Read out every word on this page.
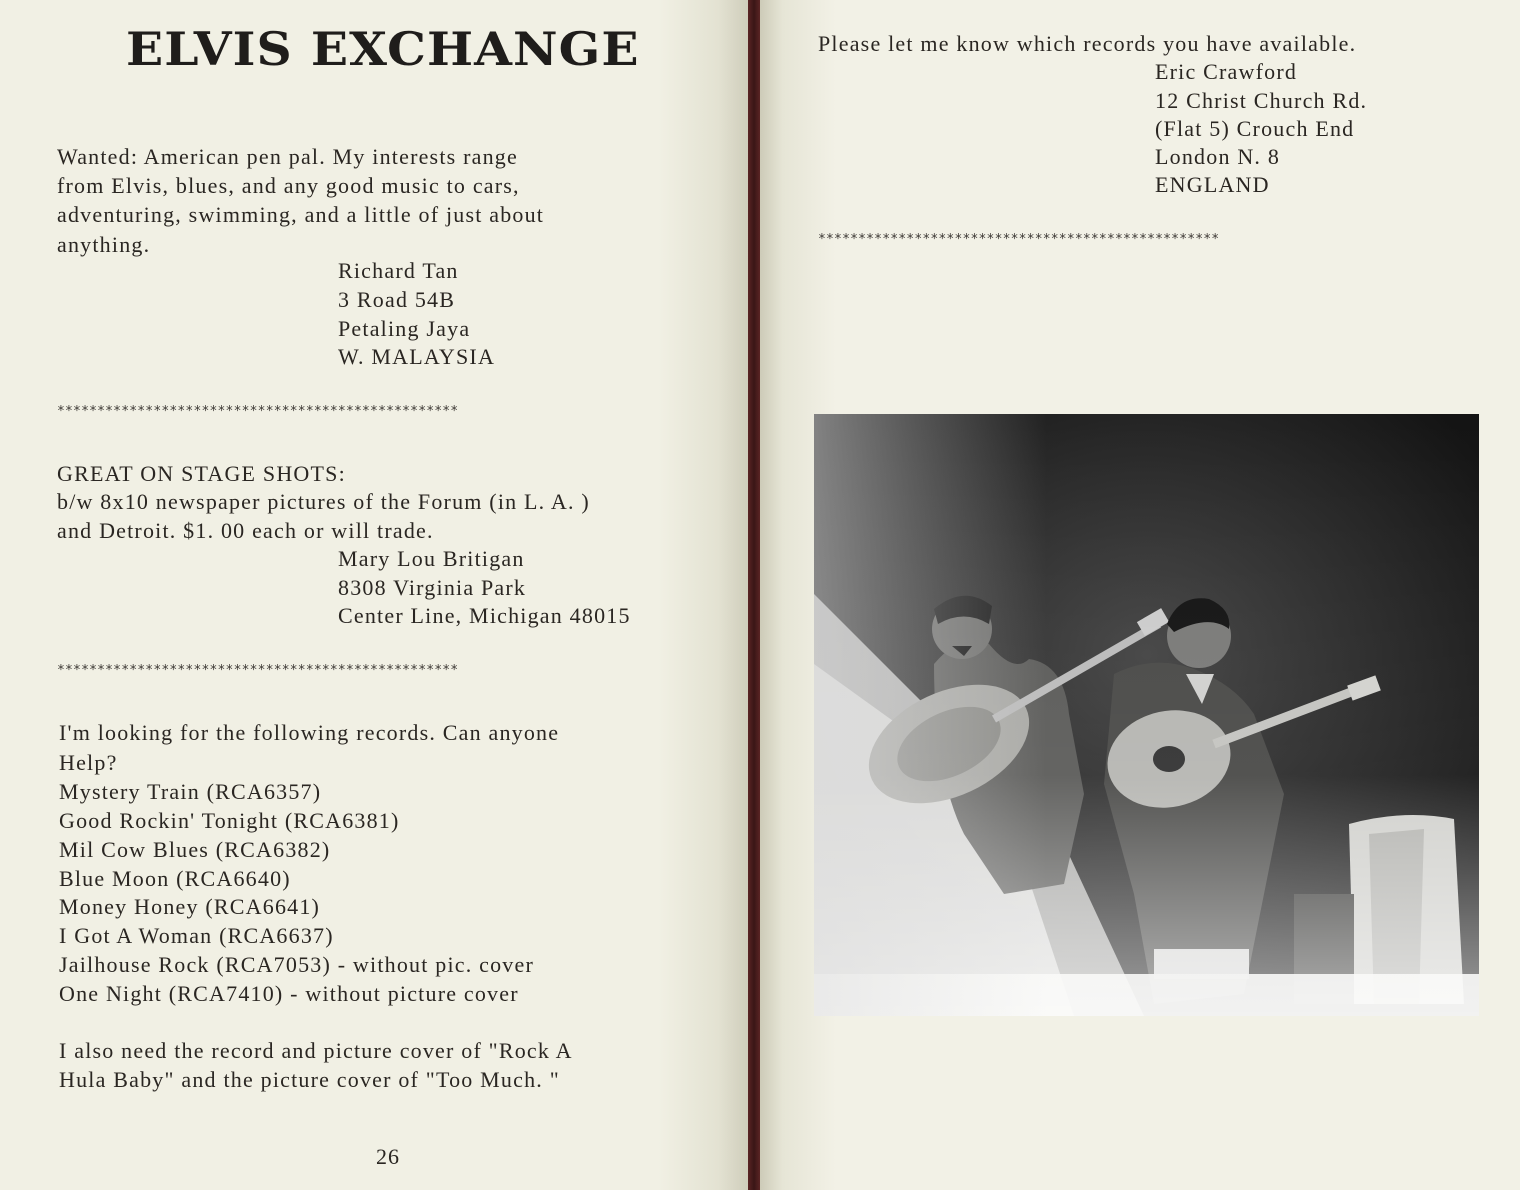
ELVIS EXCHANGE
Wanted: American pen pal. My interests range
from Elvis, blues, and any good music to cars,
adventuring, swimming, and a little of just about
anything.
Richard Tan
3 Road 54B
Petaling Jaya
W. MALAYSIA
**************************************************
GREAT ON STAGE SHOTS:
b/w 8x10 newspaper pictures of the Forum (in L. A. )
and Detroit. $1. 00 each or will trade.
Mary Lou Britigan
8308 Virginia Park
Center Line, Michigan 48015
**************************************************
I'm looking for the following records. Can anyone
Help?
Mystery Train (RCA6357)
Good Rockin' Tonight (RCA6381)
Mil Cow Blues (RCA6382)
Blue Moon (RCA6640)
Money Honey (RCA6641)
I Got A Woman (RCA6637)
Jailhouse Rock (RCA7053) - without pic. cover
One Night (RCA7410) - without picture cover
I also need the record and picture cover of "Rock A
Hula Baby" and the picture cover of "Too Much. "
26
Please let me know which records you have available.
Eric Crawford
12 Christ Church Rd.
(Flat 5) Crouch End
London N. 8
ENGLAND
**************************************************
